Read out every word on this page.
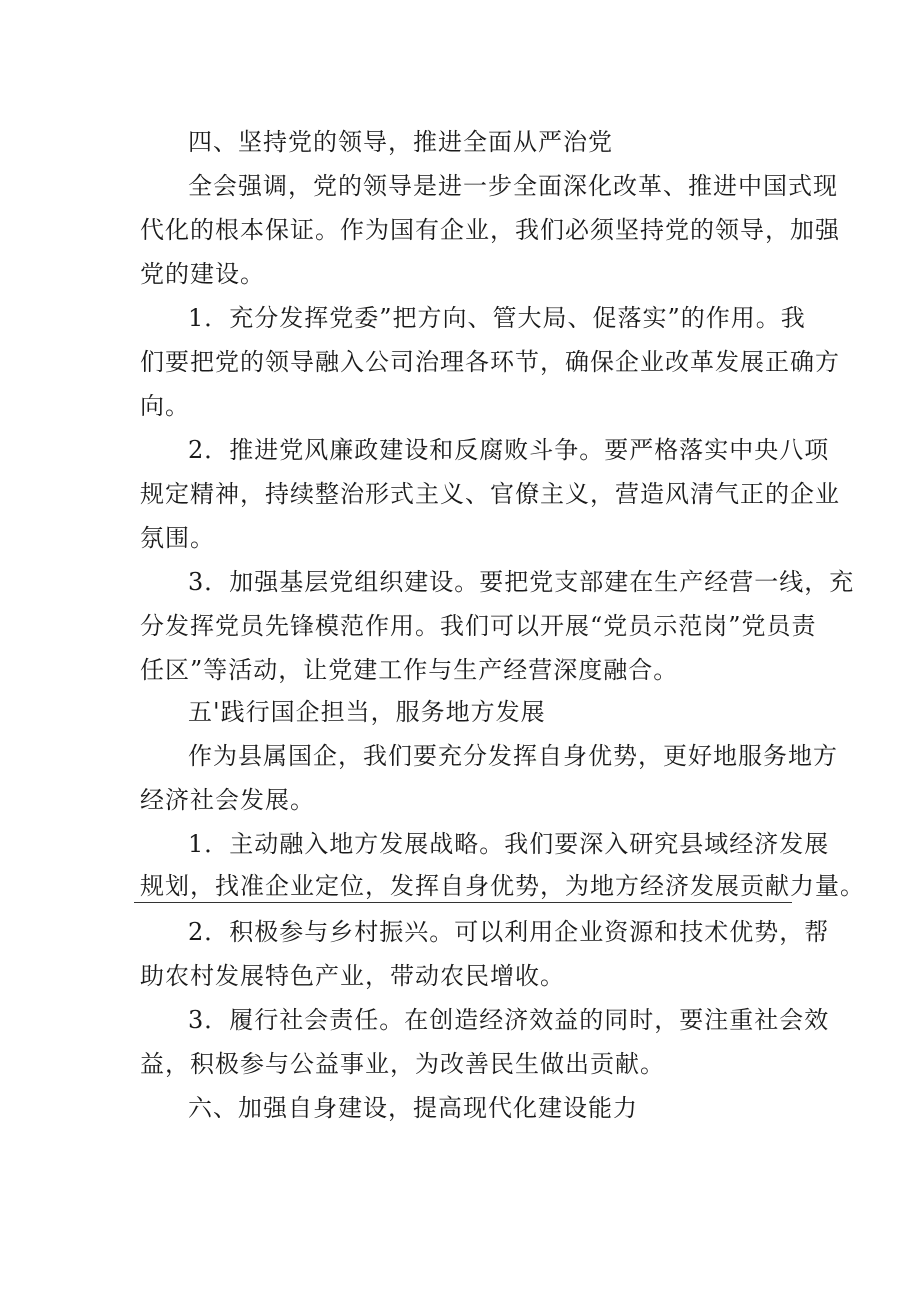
四、坚持党的领导，推进全面从严治党
全会强调，党的领导是进一步全面深化改革、推进中国式现
代化的根本保证。作为国有企业，我们必须坚持党的领导，加强
党的建设。
1．充分发挥党委”把方向、管大局、促落实”的作用。我
们要把党的领导融入公司治理各环节，确保企业改革发展正确方
向。
2．推进党风廉政建设和反腐败斗争。要严格落实中央八项
规定精神，持续整治形式主义、官僚主义，营造风清气正的企业
氛围。
3．加强基层党组织建设。要把党支部建在生产经营一线，充
分发挥党员先锋模范作用。我们可以开展“党员示范岗”党员责
任区”等活动，让党建工作与生产经营深度融合。
五'践行国企担当，服务地方发展
作为县属国企，我们要充分发挥自身优势，更好地服务地方
经济社会发展。
1．主动融入地方发展战略。我们要深入研究县域经济发展
规划，找准企业定位，发挥自身优势，为地方经济发展贡献力量。
2．积极参与乡村振兴。可以利用企业资源和技术优势，帮
助农村发展特色产业，带动农民增收。
3．履行社会责任。在创造经济效益的同时，要注重社会效
益，积极参与公益事业，为改善民生做出贡献。
六、加强自身建设，提高现代化建设能力
